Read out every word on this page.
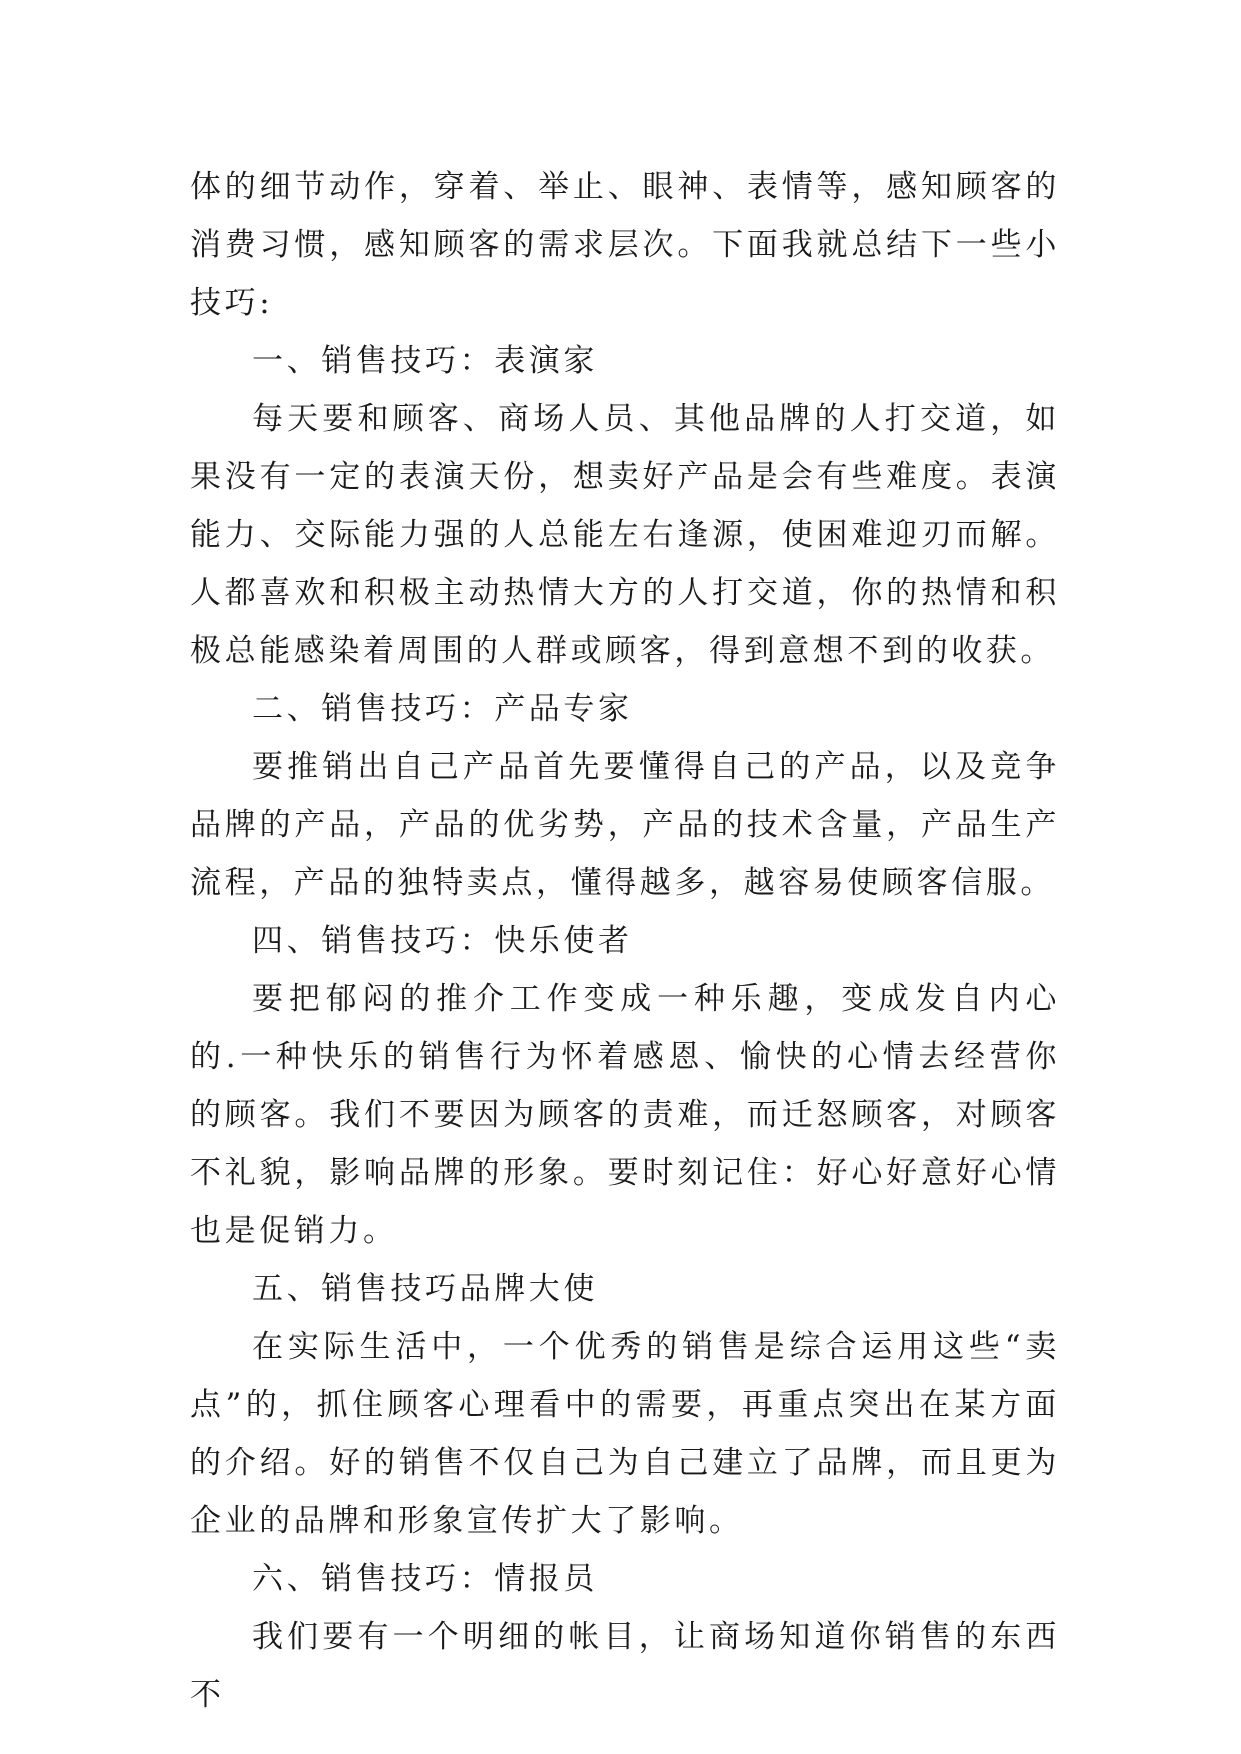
体的细节动作，穿着、举止、眼神、表情等，感知顾客的消费习惯，感知顾客的需求层次。下面我就总结下一些小技巧:

一、销售技巧：表演家

每天要和顾客、商场人员、其他品牌的人打交道，如果没有一定的表演天份，想卖好产品是会有些难度。表演能力、交际能力强的人总能左右逢源，使困难迎刃而解。人都喜欢和积极主动热情大方的人打交道，你的热情和积极总能感染着周围的人群或顾客，得到意想不到的收获。

二、销售技巧：产品专家

要推销出自己产品首先要懂得自己的产品，以及竞争品牌的产品，产品的优劣势，产品的技术含量，产品生产流程，产品的独特卖点，懂得越多，越容易使顾客信服。

四、销售技巧：快乐使者

要把郁闷的推介工作变成一种乐趣，变成发自内心的.一种快乐的销售行为怀着感恩、愉快的心情去经营你的顾客。我们不要因为顾客的责难，而迁怒顾客，对顾客不礼貌，影响品牌的形象。要时刻记住：好心好意好心情也是促销力。

五、销售技巧品牌大使

在实际生活中，一个优秀的销售是综合运用这些“卖点”的，抓住顾客心理看中的需要，再重点突出在某方面的介绍。好的销售不仅自己为自己建立了品牌，而且更为企业的品牌和形象宣传扩大了影响。

六、销售技巧：情报员

我们要有一个明细的帐目，让商场知道你销售的东西不
